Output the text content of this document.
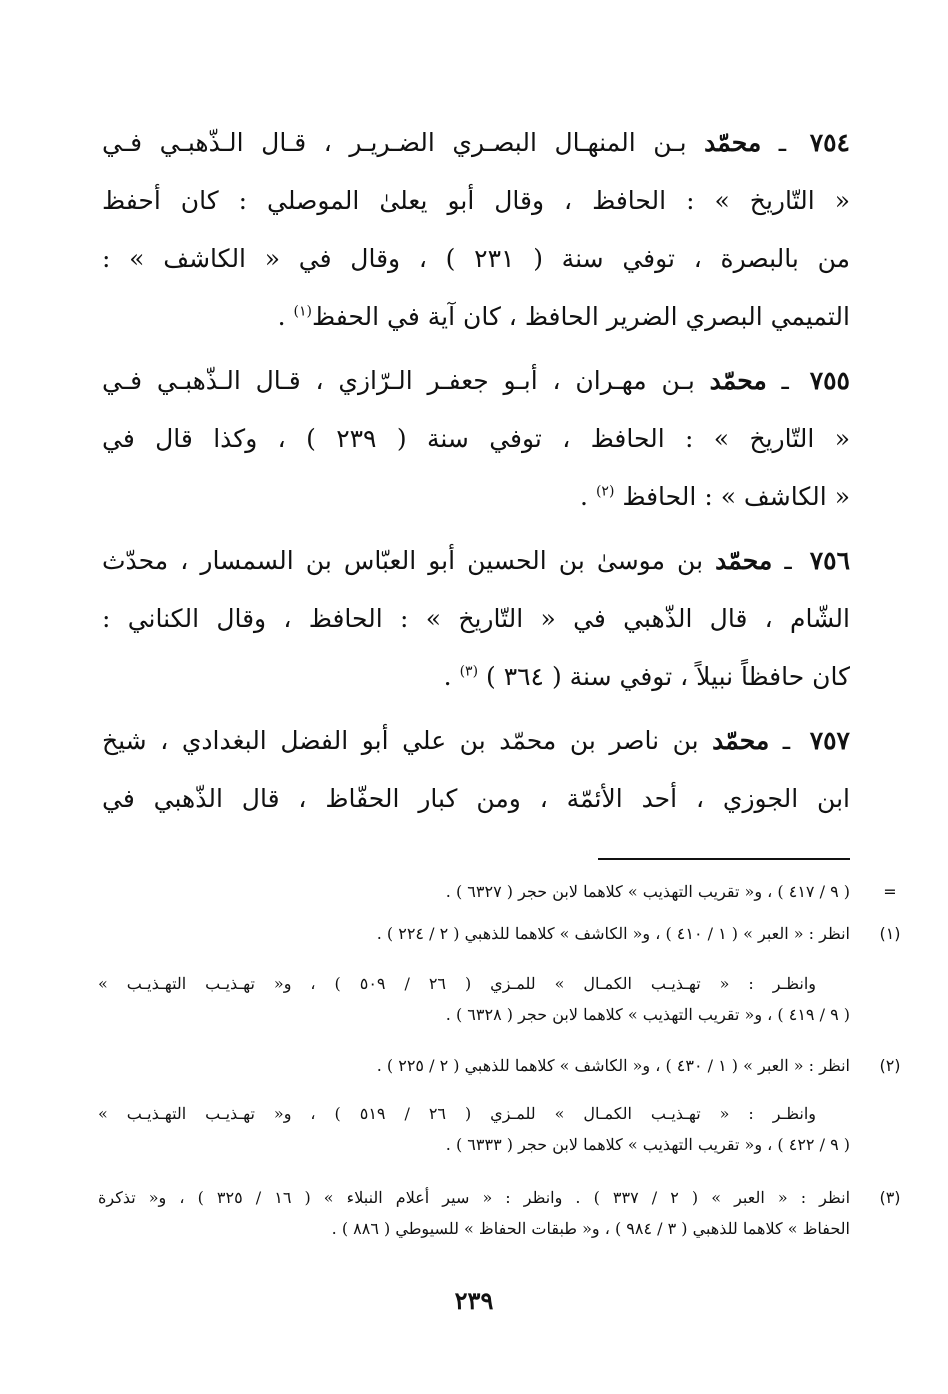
٧٥٤ ـ محمّد بـن المنهـال البصـري الضـريـر ، قـال الـذّهبـي فـي
« التّاريخ » : الحافظ ، وقال أبو يعلىٰ الموصلي : كان أحفظ
من بالبصرة ، توفي سنة ( ٢٣١ ) ، وقال في « الكاشف » :
التميمي البصري الضرير الحافظ ، كان آية في الحفظ$^{(١)}$ .
٧٥٥ ـ محمّد بـن مهـران ، أبـو جعفـر الـرّازي ، قـال الـذّهبـي فـي
« التّاريخ » : الحافظ ، توفي سنة ( ٢٣٩ ) ، وكذا قال في
« الكاشف » : الحافظ $^{(٢)}$ .
٧٥٦ ـ محمّد بن موسىٰ بن الحسين أبو العبّاس بن السمسار ، محدّث
الشّام ، قال الذّهبي في « التّاريخ » : الحافظ ، وقال الكناني :
كان حافظاً نبيلاً ، توفي سنة ( ٣٦٤ ) $^{(٣)}$ .
٧٥٧ ـ محمّد بن ناصر بن محمّد بن علي أبو الفضل البغدادي ، شيخ
ابن الجوزي ، أحد الأئمّة ، ومن كبار الحفّاظ ، قال الذّهبي في
=
( ٩ / ٤١٧ ) ، و« تقريب التهذيب » كلاهما لابن حجر ( ٦٣٢٧ ) .
(١)
انظر : « العبر » ( ١ / ٤١٠ ) ، و« الكاشف » كلاهما للذهبي ( ٢ / ٢٢٤ ) .
وانظـر : « تهـذيـب الكمـال » للمـزي ( ٢٦ / ٥٠٩ ) ، و« تهـذيـب التهـذيـب »
( ٩ / ٤١٩ ) ، و« تقريب التهذيب » كلاهما لابن حجر ( ٦٣٢٨ ) .
(٢)
انظر : « العبر » ( ١ / ٤٣٠ ) ، و« الكاشف » كلاهما للذهبي ( ٢ / ٢٢٥ ) .
وانظـر : « تهـذيـب الكمـال » للمـزي ( ٢٦ / ٥١٩ ) ، و« تهـذيـب التهـذيـب »
( ٩ / ٤٢٢ ) ، و« تقريب التهذيب » كلاهما لابن حجر ( ٦٣٣٣ ) .
(٣)
انظر : « العبر » ( ٢ / ٣٣٧ ) . وانظر : « سير أعلام النبلاء » ( ١٦ / ٣٢٥ ) ، و« تذكرة
الحفاظ » كلاهما للذهبي ( ٣ / ٩٨٤ ) ، و« طبقات الحفاظ » للسيوطي ( ٨٨٦ ) .
٢٣٩
